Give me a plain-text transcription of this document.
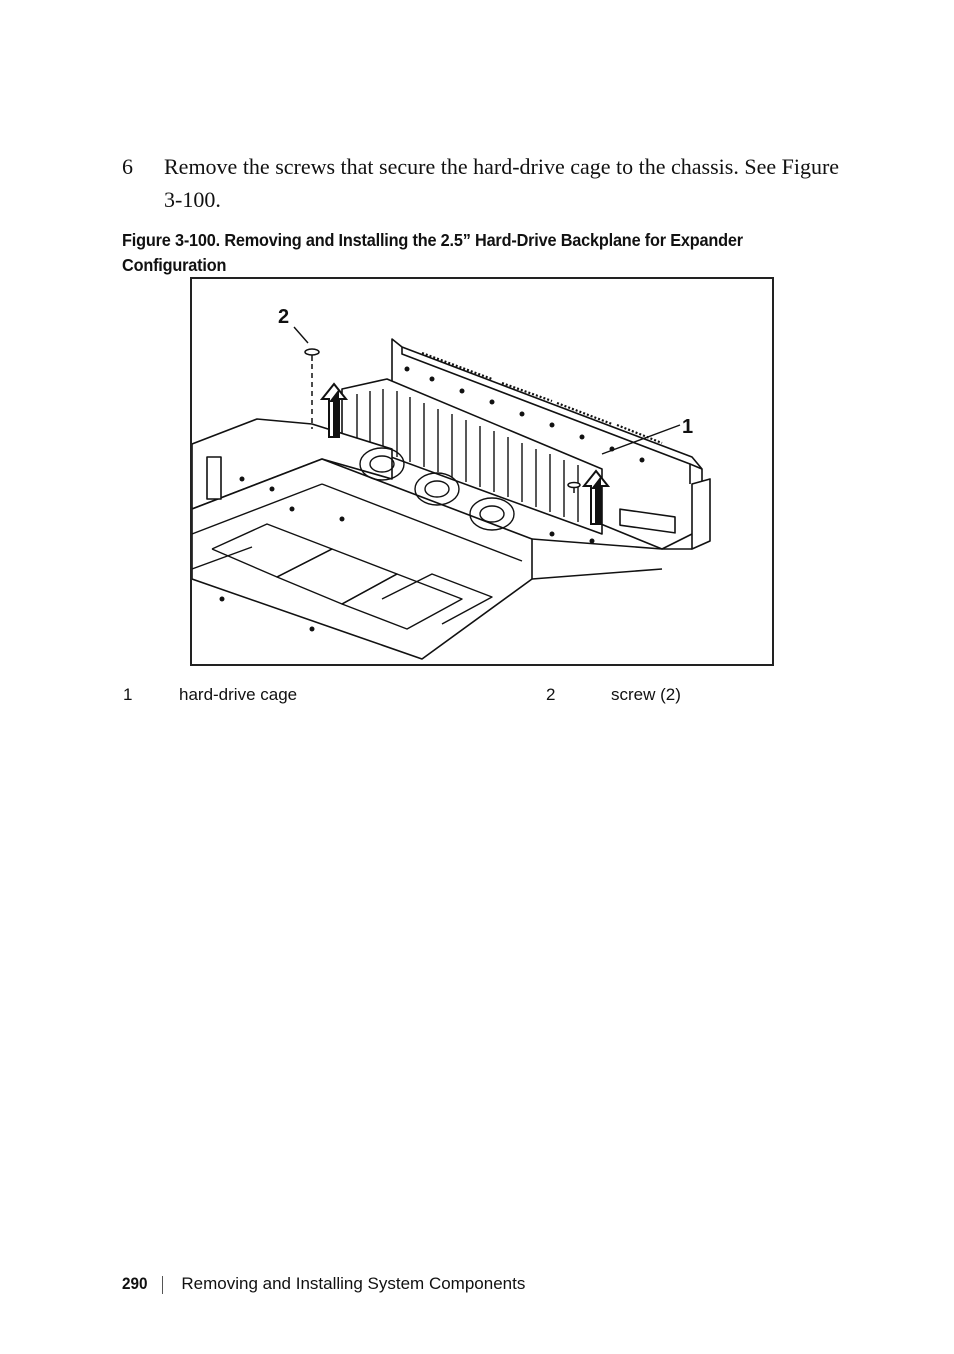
6 Remove the screws that secure the hard-drive cage to the chassis. See Figure 3-100.
Figure 3-100. Removing and Installing the 2.5” Hard-Drive Backplane for Expander Configuration
2
1
1	hard-drive cage	2	screw (2)
290 Removing and Installing System Components
